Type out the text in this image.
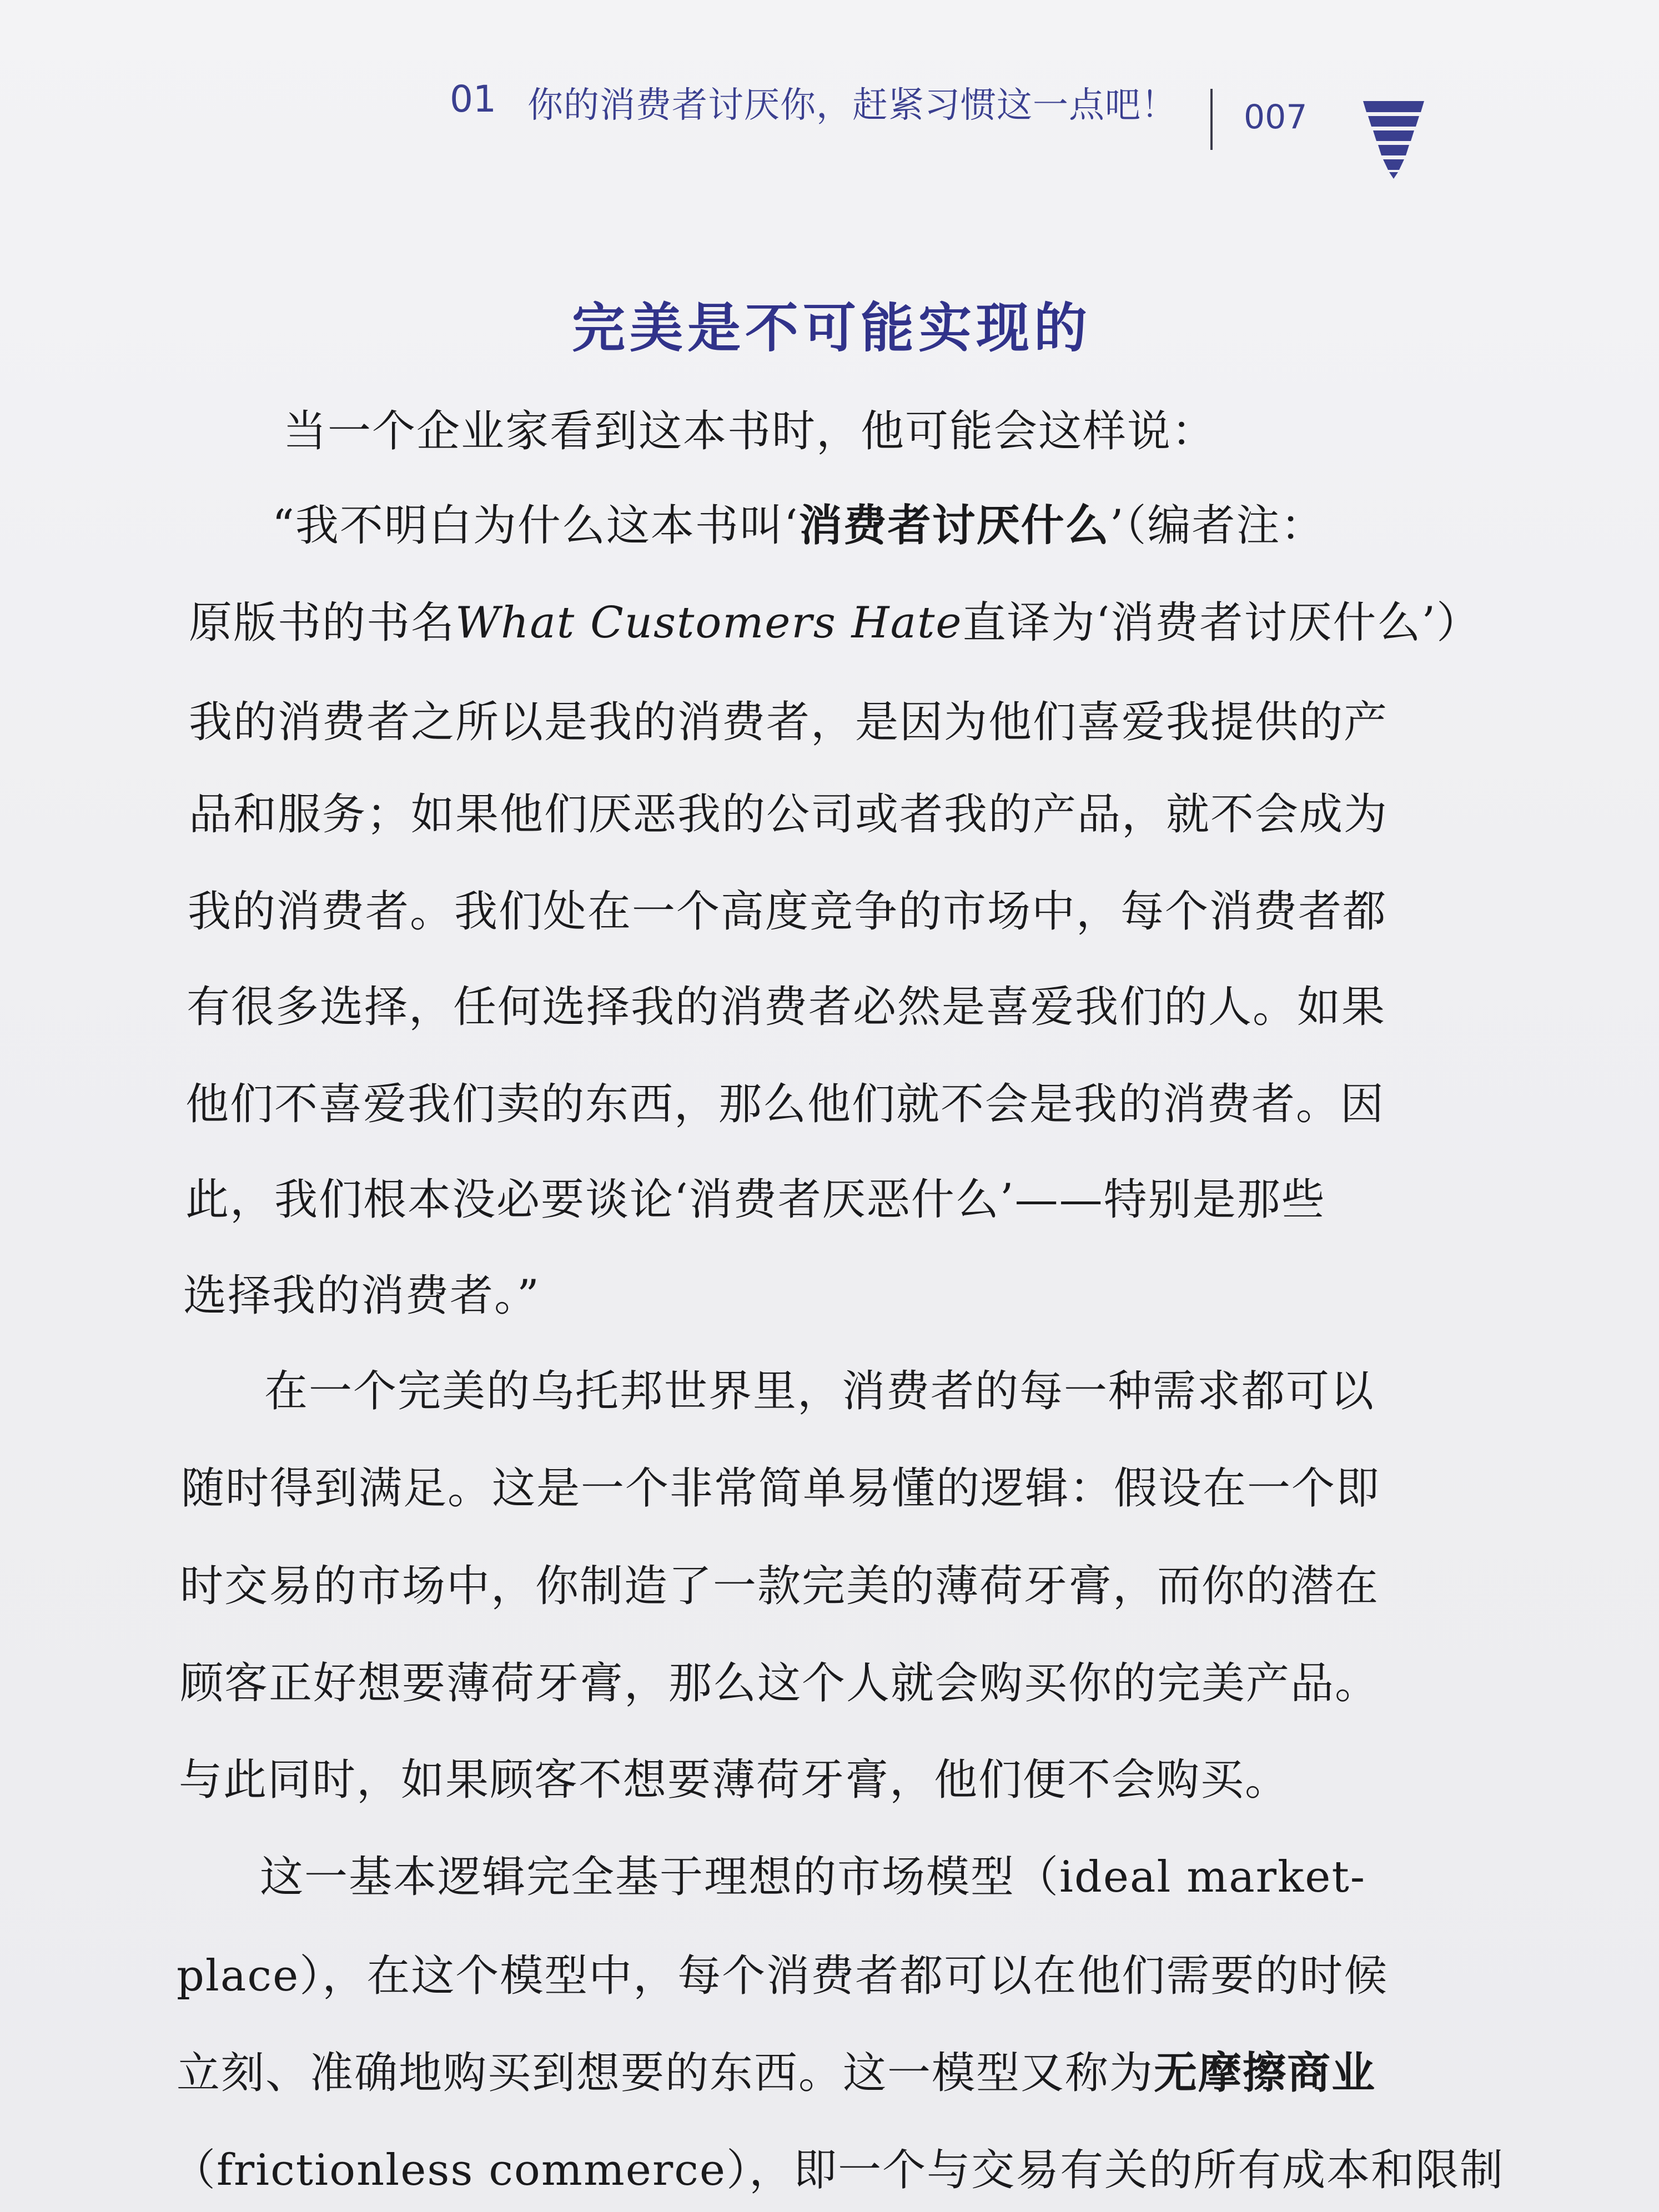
01 你的消费者讨厌你，赶紧习惯这一点吧！ 007
完美是不可能实现的
当一个企业家看到这本书时，他可能会这样说：
“我不明白为什么这本书叫‘消费者讨厌什么’（编者注：
原版书的书名What Customers Hate直译为‘消费者讨厌什么’）
我的消费者之所以是我的消费者，是因为他们喜爱我提供的产
品和服务；如果他们厌恶我的公司或者我的产品，就不会成为
我的消费者。我们处在一个高度竞争的市场中，每个消费者都
有很多选择，任何选择我的消费者必然是喜爱我们的人。如果
他们不喜爱我们卖的东西，那么他们就不会是我的消费者。因
此，我们根本没必要谈论‘消费者厌恶什么’——特别是那些
选择我的消费者。”
在一个完美的乌托邦世界里，消费者的每一种需求都可以
随时得到满足。这是一个非常简单易懂的逻辑：假设在一个即
时交易的市场中，你制造了一款完美的薄荷牙膏，而你的潜在
顾客正好想要薄荷牙膏，那么这个人就会购买你的完美产品。
与此同时，如果顾客不想要薄荷牙膏，他们便不会购买。
这一基本逻辑完全基于理想的市场模型（ideal market-
place），在这个模型中，每个消费者都可以在他们需要的时候
立刻、准确地购买到想要的东西。这一模型又称为无摩擦商业
（frictionless commerce），即一个与交易有关的所有成本和限制
